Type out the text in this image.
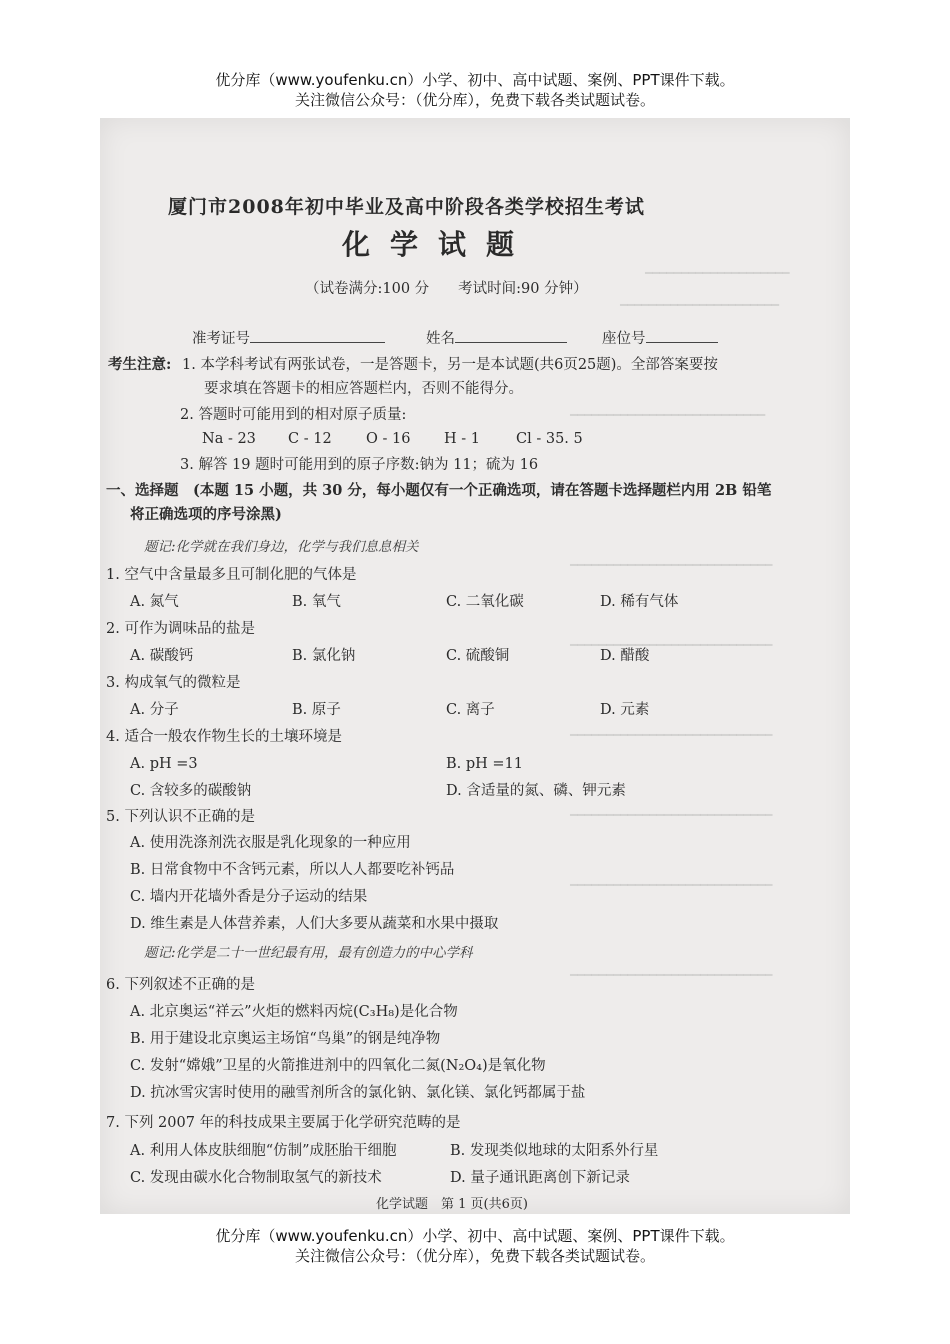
优分库（www.youfenku.cn）小学、初中、高中试题、案例、PPT课件下载。
关注微信公众号：（优分库），免费下载各类试题试卷。
━━━━━━━━━━━━━━━━━━━━
━━━━━━━━━━━━━━━━━━━━━━
━━━━━━━━━━━━━━━━━━━━━━━━━━━
━━━━━━━━━━━━━━━━━━━━━━━━━━━━
━━━━━━━━━━━━━━━━━━━━━━━━━━━━
━━━━━━━━━━━━━━━━━━━━━━━━━━━━
━━━━━━━━━━━━━━━━━━━━━━━━━━━━
━━━━━━━━━━━━━━━━━━━━━━━━━━━━
━━━━━━━━━━━━━━━━━━━━━━━━━━━━
厦门市2008年初中毕业及高中阶段各类学校招生考试
化学试题
（试卷满分:100 分　　考试时间:90 分钟）
准考证号	姓名	座位号
考生注意: 1. 本学科考试有两张试卷，一是答题卡，另一是本试题(共6页25题)。全部答案要按
要求填在答题卡的相应答题栏内，否则不能得分。
2. 答题时可能用到的相对原子质量:
Na - 23 C - 12 O - 16 H - 1 Cl - 35. 5
3. 解答 19 题时可能用到的原子序数:钠为 11；硫为 16
一、选择题　(本题 15 小题，共 30 分，每小题仅有一个正确选项，请在答题卡选择题栏内用 2B 铅笔
将正确选项的序号涂黑)
题记:化学就在我们身边，化学与我们息息相关
1. 空气中含量最多且可制化肥的气体是
A. 氮气	B. 氧气	C. 二氧化碳	D. 稀有气体
2. 可作为调味品的盐是
A. 碳酸钙	B. 氯化钠	C. 硫酸铜	D. 醋酸
3. 构成氧气的微粒是
A. 分子	B. 原子	C. 离子	D. 元素
4. 适合一般农作物生长的土壤环境是
A. pH =3	B. pH =11
C. 含较多的碳酸钠	D. 含适量的氮、磷、钾元素
5. 下列认识不正确的是
A. 使用洗涤剂洗衣服是乳化现象的一种应用
B. 日常食物中不含钙元素，所以人人都要吃补钙品
C. 墙内开花墙外香是分子运动的结果
D. 维生素是人体营养素，人们大多要从蔬菜和水果中摄取
题记:化学是二十一世纪最有用，最有创造力的中心学科
6. 下列叙述不正确的是
A. 北京奥运“祥云”火炬的燃料丙烷(C₃H₈)是化合物
B. 用于建设北京奥运主场馆“鸟巢”的钢是纯净物
C. 发射“嫦娥”卫星的火箭推进剂中的四氧化二氮(N₂O₄)是氧化物
D. 抗冰雪灾害时使用的融雪剂所含的氯化钠、氯化镁、氯化钙都属于盐
7. 下列 2007 年的科技成果主要属于化学研究范畴的是
A. 利用人体皮肤细胞“仿制”成胚胎干细胞	B. 发现类似地球的太阳系外行星
C. 发现由碳水化合物制取氢气的新技术	D. 量子通讯距离创下新记录
化学试题　第 1 页(共6页)
优分库（www.youfenku.cn）小学、初中、高中试题、案例、PPT课件下载。
关注微信公众号：（优分库），免费下载各类试题试卷。
